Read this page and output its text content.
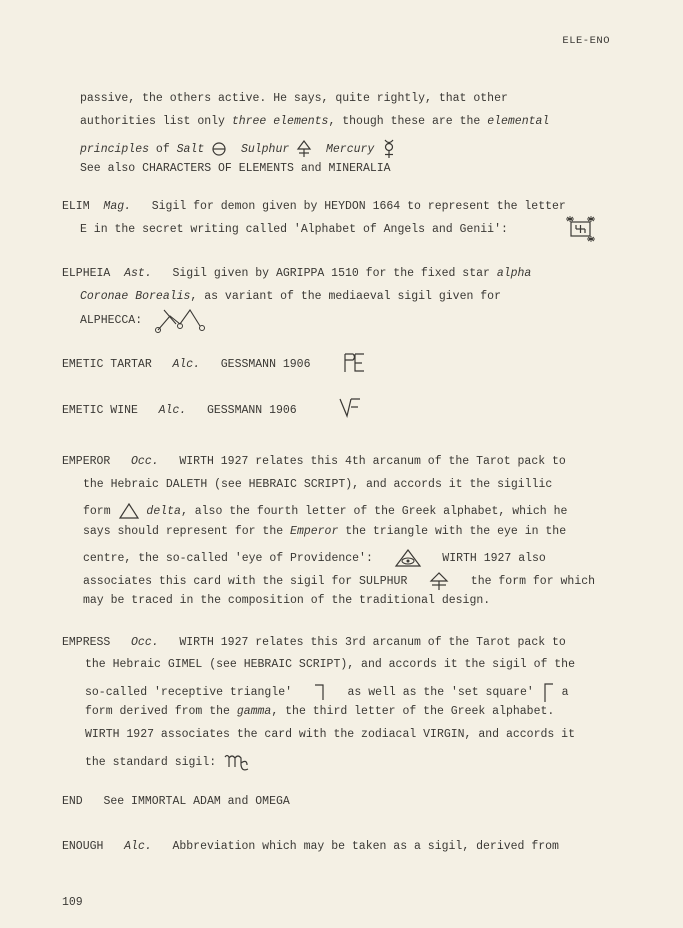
ELE-ENO
passive, the others active. He says, quite rightly, that other
authorities list only three elements, though these are the elemental
principles of Salt	Sulphur	Mercury
See also CHARACTERS OF ELEMENTS and MINERALIA
ELIM Mag. Sigil for demon given by HEYDON 1664 to represent the letter
E in the secret writing called 'Alphabet of Angels and Genii':
ELPHEIA Ast. Sigil given by AGRIPPA 1510 for the fixed star alpha
Coronae Borealis, as variant of the mediaeval sigil given for
ALPHECCA:
EMETIC TARTAR Alc. GESSMANN 1906
EMETIC WINE Alc. GESSMANN 1906
EMPEROR Occ. WIRTH 1927 relates this 4th arcanum of the Tarot pack to
the Hebraic DALETH (see HEBRAIC SCRIPT), and accords it the sigillic
form	delta, also the fourth letter of the Greek alphabet, which he
says should represent for the Emperor the triangle with the eye in the
centre, the so-called 'eye of Providence':	WIRTH 1927 also
associates this card with the sigil for SULPHUR	the form for which
may be traced in the composition of the traditional design.
EMPRESS Occ. WIRTH 1927 relates this 3rd arcanum of the Tarot pack to
the Hebraic GIMEL (see HEBRAIC SCRIPT), and accords it the sigil of the
so-called 'receptive triangle'	as well as the 'set square' a
form derived from the gamma, the third letter of the Greek alphabet.
WIRTH 1927 associates the card with the zodiacal VIRGIN, and accords it
the standard sigil:
END See IMMORTAL ADAM and OMEGA
ENOUGH Alc. Abbreviation which may be taken as a sigil, derived from
109
